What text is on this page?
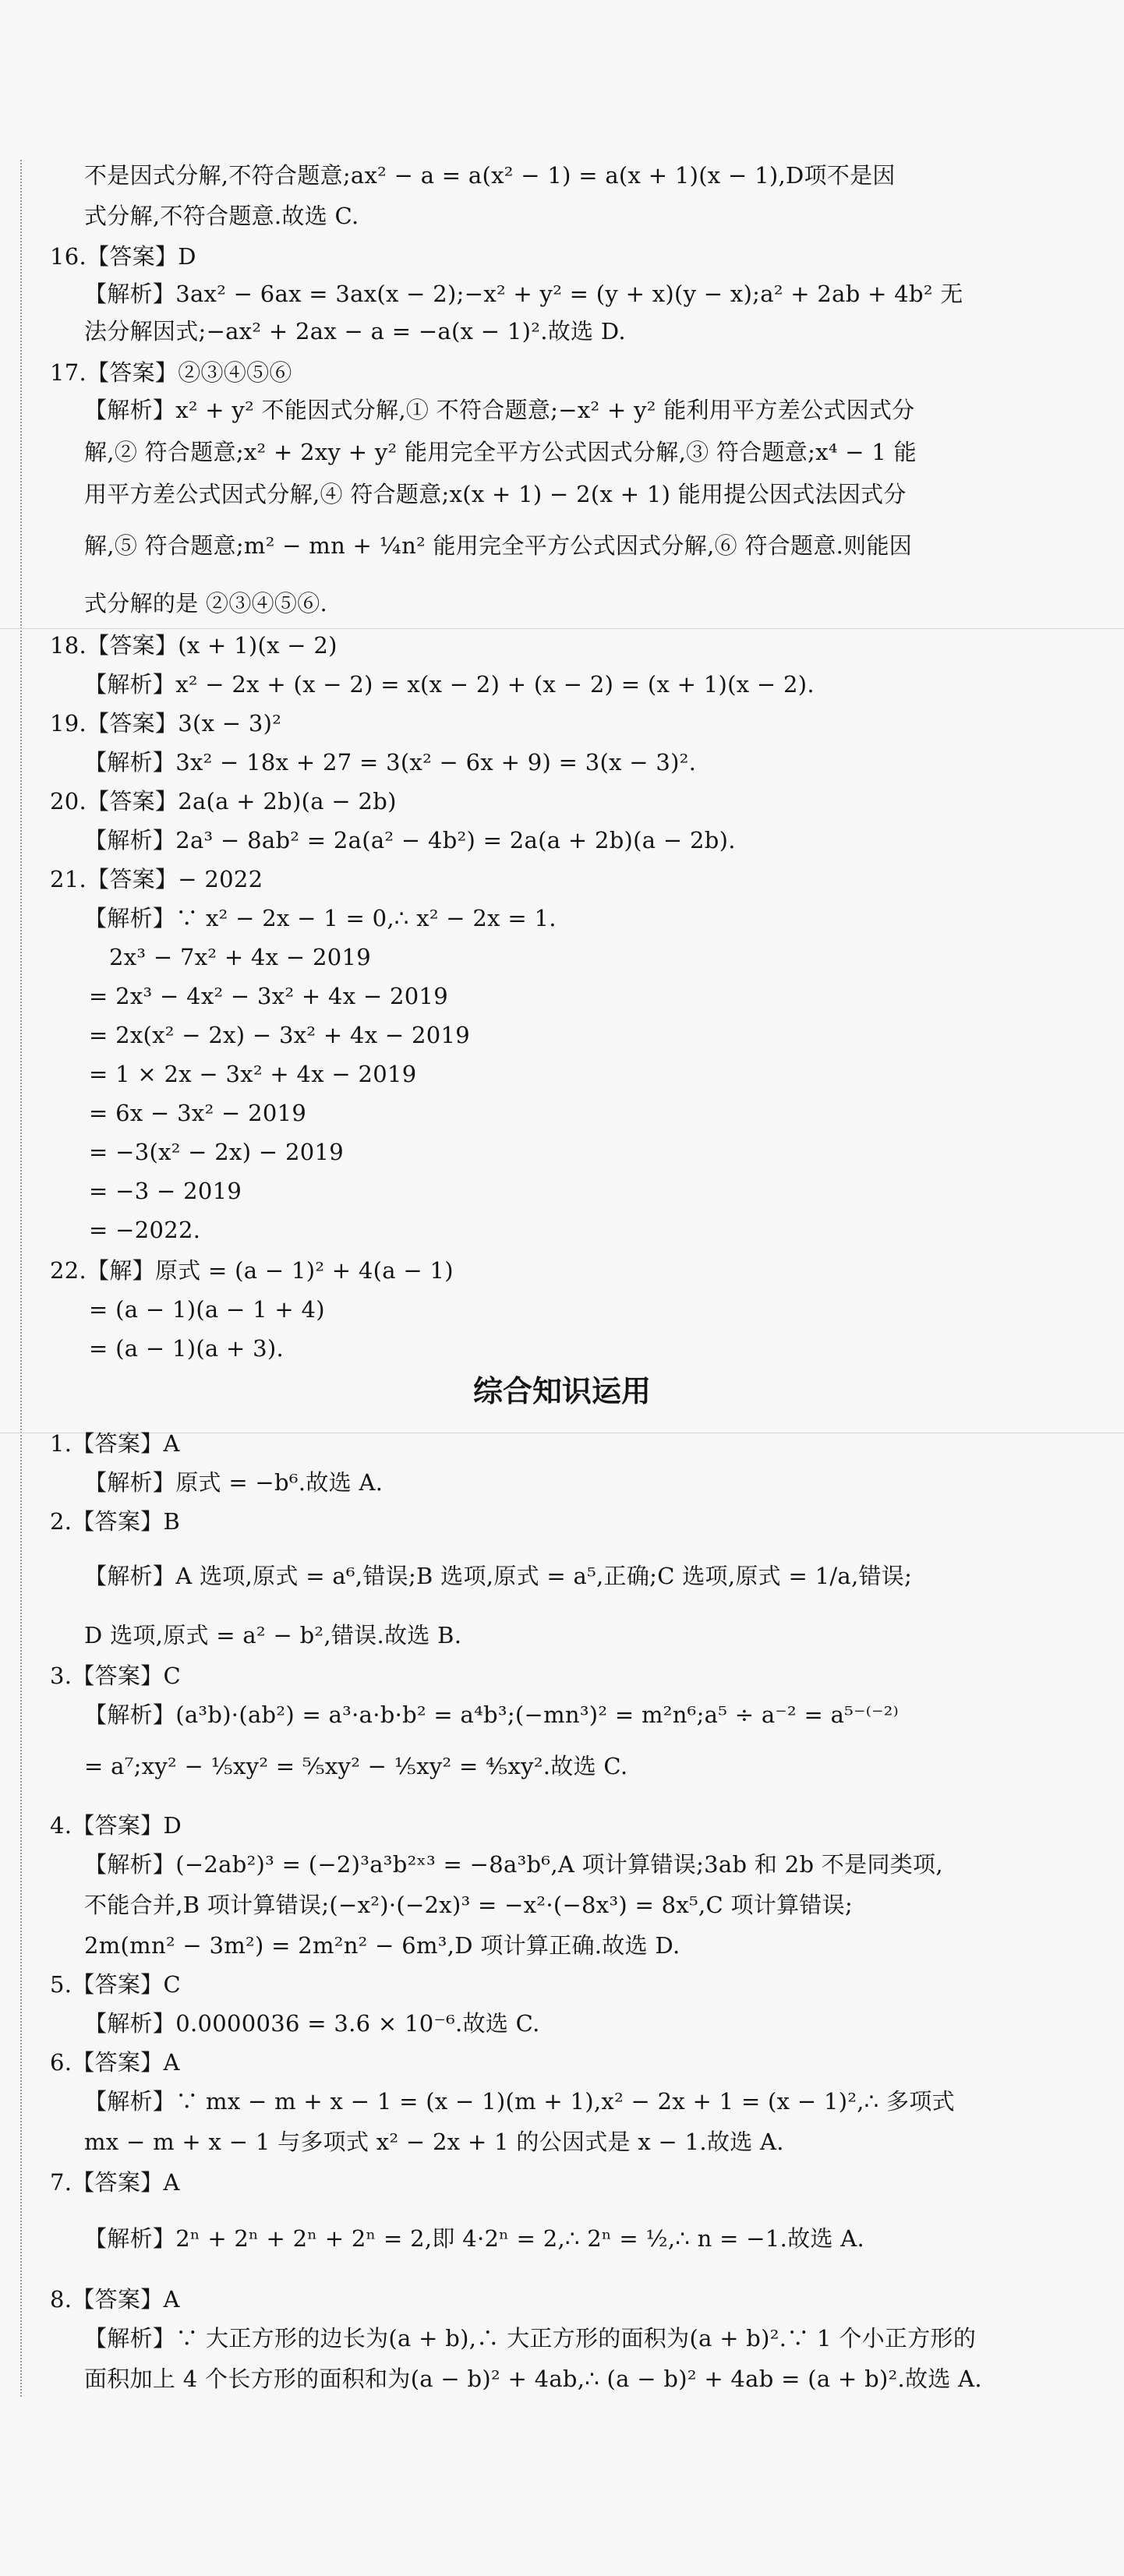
综合知识运用
不是因式分解,不符合题意;ax² − a = a(x² − 1) = a(x + 1)(x − 1),D项不是因
式分解,不符合题意.故选 C.
16.【答案】D
【解析】3ax² − 6ax = 3ax(x − 2);−x² + y² = (y + x)(y − x);a² + 2ab + 4b² 无
法分解因式;−ax² + 2ax − a = −a(x − 1)².故选 D.
17.【答案】②③④⑤⑥
【解析】x² + y² 不能因式分解,① 不符合题意;−x² + y² 能利用平方差公式因式分
解,② 符合题意;x² + 2xy + y² 能用完全平方公式因式分解,③ 符合题意;x⁴ − 1 能
用平方差公式因式分解,④ 符合题意;x(x + 1) − 2(x + 1) 能用提公因式法因式分
解,⑤ 符合题意;m² − mn + ¼n² 能用完全平方公式因式分解,⑥ 符合题意.则能因
式分解的是 ②③④⑤⑥.
18.【答案】(x + 1)(x − 2)
【解析】x² − 2x + (x − 2) = x(x − 2) + (x − 2) = (x + 1)(x − 2).
19.【答案】3(x − 3)²
【解析】3x² − 18x + 27 = 3(x² − 6x + 9) = 3(x − 3)².
20.【答案】2a(a + 2b)(a − 2b)
【解析】2a³ − 8ab² = 2a(a² − 4b²) = 2a(a + 2b)(a − 2b).
21.【答案】− 2022
【解析】∵ x² − 2x − 1 = 0,∴ x² − 2x = 1.
2x³ − 7x² + 4x − 2019
= 2x³ − 4x² − 3x² + 4x − 2019
= 2x(x² − 2x) − 3x² + 4x − 2019
= 1 × 2x − 3x² + 4x − 2019
= 6x − 3x² − 2019
= −3(x² − 2x) − 2019
= −3 − 2019
= −2022.
22.【解】原式 = (a − 1)² + 4(a − 1)
= (a − 1)(a − 1 + 4)
= (a − 1)(a + 3).
1.【答案】A
【解析】原式 = −b⁶.故选 A.
2.【答案】B
【解析】A 选项,原式 = a⁶,错误;B 选项,原式 = a⁵,正确;C 选项,原式 = 1/a,错误;
D 选项,原式 = a² − b²,错误.故选 B.
3.【答案】C
【解析】(a³b)·(ab²) = a³·a·b·b² = a⁴b³;(−mn³)² = m²n⁶;a⁵ ÷ a⁻² = a⁵⁻⁽⁻²⁾
= a⁷;xy² − ⅕xy² = ⁵⁄₅xy² − ⅕xy² = ⅘xy².故选 C.
4.【答案】D
【解析】(−2ab²)³ = (−2)³a³b²ˣ³ = −8a³b⁶,A 项计算错误;3ab 和 2b 不是同类项,
不能合并,B 项计算错误;(−x²)·(−2x)³ = −x²·(−8x³) = 8x⁵,C 项计算错误;
2m(mn² − 3m²) = 2m²n² − 6m³,D 项计算正确.故选 D.
5.【答案】C
【解析】0.0000036 = 3.6 × 10⁻⁶.故选 C.
6.【答案】A
【解析】∵ mx − m + x − 1 = (x − 1)(m + 1),x² − 2x + 1 = (x − 1)²,∴ 多项式
mx − m + x − 1 与多项式 x² − 2x + 1 的公因式是 x − 1.故选 A.
7.【答案】A
【解析】2ⁿ + 2ⁿ + 2ⁿ + 2ⁿ = 2,即 4·2ⁿ = 2,∴ 2ⁿ = ½,∴ n = −1.故选 A.
8.【答案】A
【解析】∵ 大正方形的边长为(a + b),∴ 大正方形的面积为(a + b)².∵ 1 个小正方形的
面积加上 4 个长方形的面积和为(a − b)² + 4ab,∴ (a − b)² + 4ab = (a + b)².故选 A.
